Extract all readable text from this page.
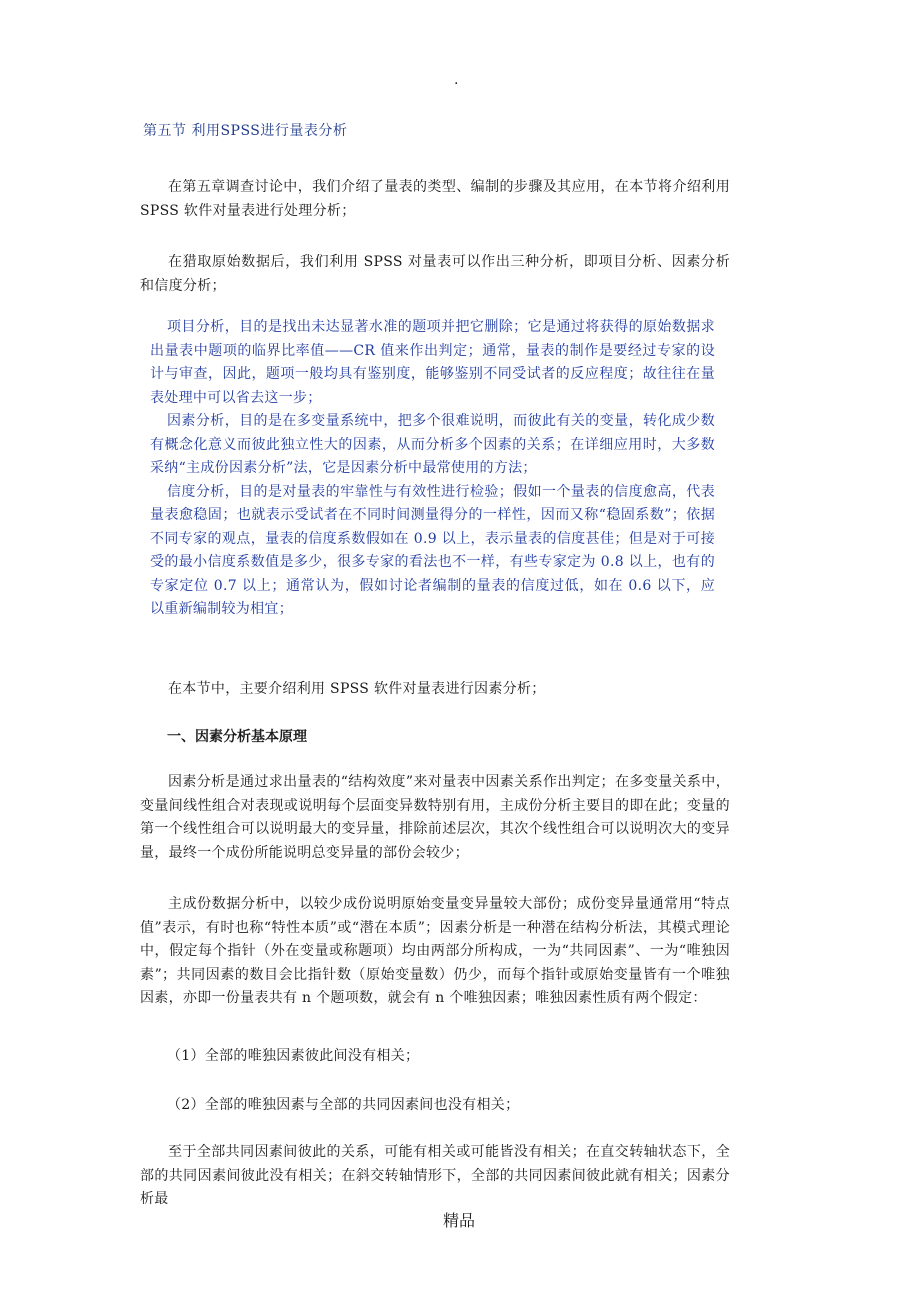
.
第五节 利用SPSS进行量表分析

在第五章调查讨论中，我们介绍了量表的类型、编制的步骤及其应用，在本节将介绍利用 SPSS 软件对量表进行处理分析；

在猎取原始数据后，我们利用 SPSS 对量表可以作出三种分析，即项目分析、因素分析和信度分析；

项目分析，目的是找出未达显著水准的题项并把它删除；它是通过将获得的原始数据求出量表中题项的临界比率值——CR 值来作出判定；通常，量表的制作是要经过专家的设计与审查，因此，题项一般均具有鉴别度，能够鉴别不同受试者的反应程度；故往往在量表处理中可以省去这一步；

因素分析，目的是在多变量系统中，把多个很难说明，而彼此有关的变量，转化成少数有概念化意义而彼此独立性大的因素，从而分析多个因素的关系；在详细应用时，大多数采纳“主成份因素分析”法，它是因素分析中最常使用的方法；

信度分析，目的是对量表的牢靠性与有效性进行检验；假如一个量表的信度愈高，代表量表愈稳固；也就表示受试者在不同时间测量得分的一样性，因而又称“稳固系数”；依据不同专家的观点，量表的信度系数假如在 0.9 以上，表示量表的信度甚佳；但是对于可接受的最小信度系数值是多少，很多专家的看法也不一样，有些专家定为 0.8 以上，也有的专家定位 0.7 以上；通常认为，假如讨论者编制的量表的信度过低，如在 0.6 以下，应以重新编制较为相宜；

在本节中，主要介绍利用 SPSS 软件对量表进行因素分析；

一、因素分析基本原理

因素分析是通过求出量表的“结构效度”来对量表中因素关系作出判定；在多变量关系中，变量间线性组合对表现或说明每个层面变异数特别有用，主成份分析主要目的即在此；变量的第一个线性组合可以说明最大的变异量，排除前述层次，其次个线性组合可以说明次大的变异量，最终一个成份所能说明总变异量的部份会较少；

主成份数据分析中，以较少成份说明原始变量变异量较大部份；成份变异量通常用“特点值”表示，有时也称“特性本质”或“潜在本质”；因素分析是一种潜在结构分析法，其模式理论中，假定每个指针（外在变量或称题项）均由两部分所构成，一为“共同因素”、一为“唯独因素”；共同因素的数目会比指针数（原始变量数）仍少，而每个指针或原始变量皆有一个唯独因素，亦即一份量表共有 n 个题项数，就会有 n 个唯独因素；唯独因素性质有两个假定：

（1）全部的唯独因素彼此间没有相关；
（2）全部的唯独因素与全部的共同因素间也没有相关；

至于全部共同因素间彼此的关系，可能有相关或可能皆没有相关；在直交转轴状态下，全部的共同因素间彼此没有相关；在斜交转轴情形下，全部的共同因素间彼此就有相关；因素分析最

精品
